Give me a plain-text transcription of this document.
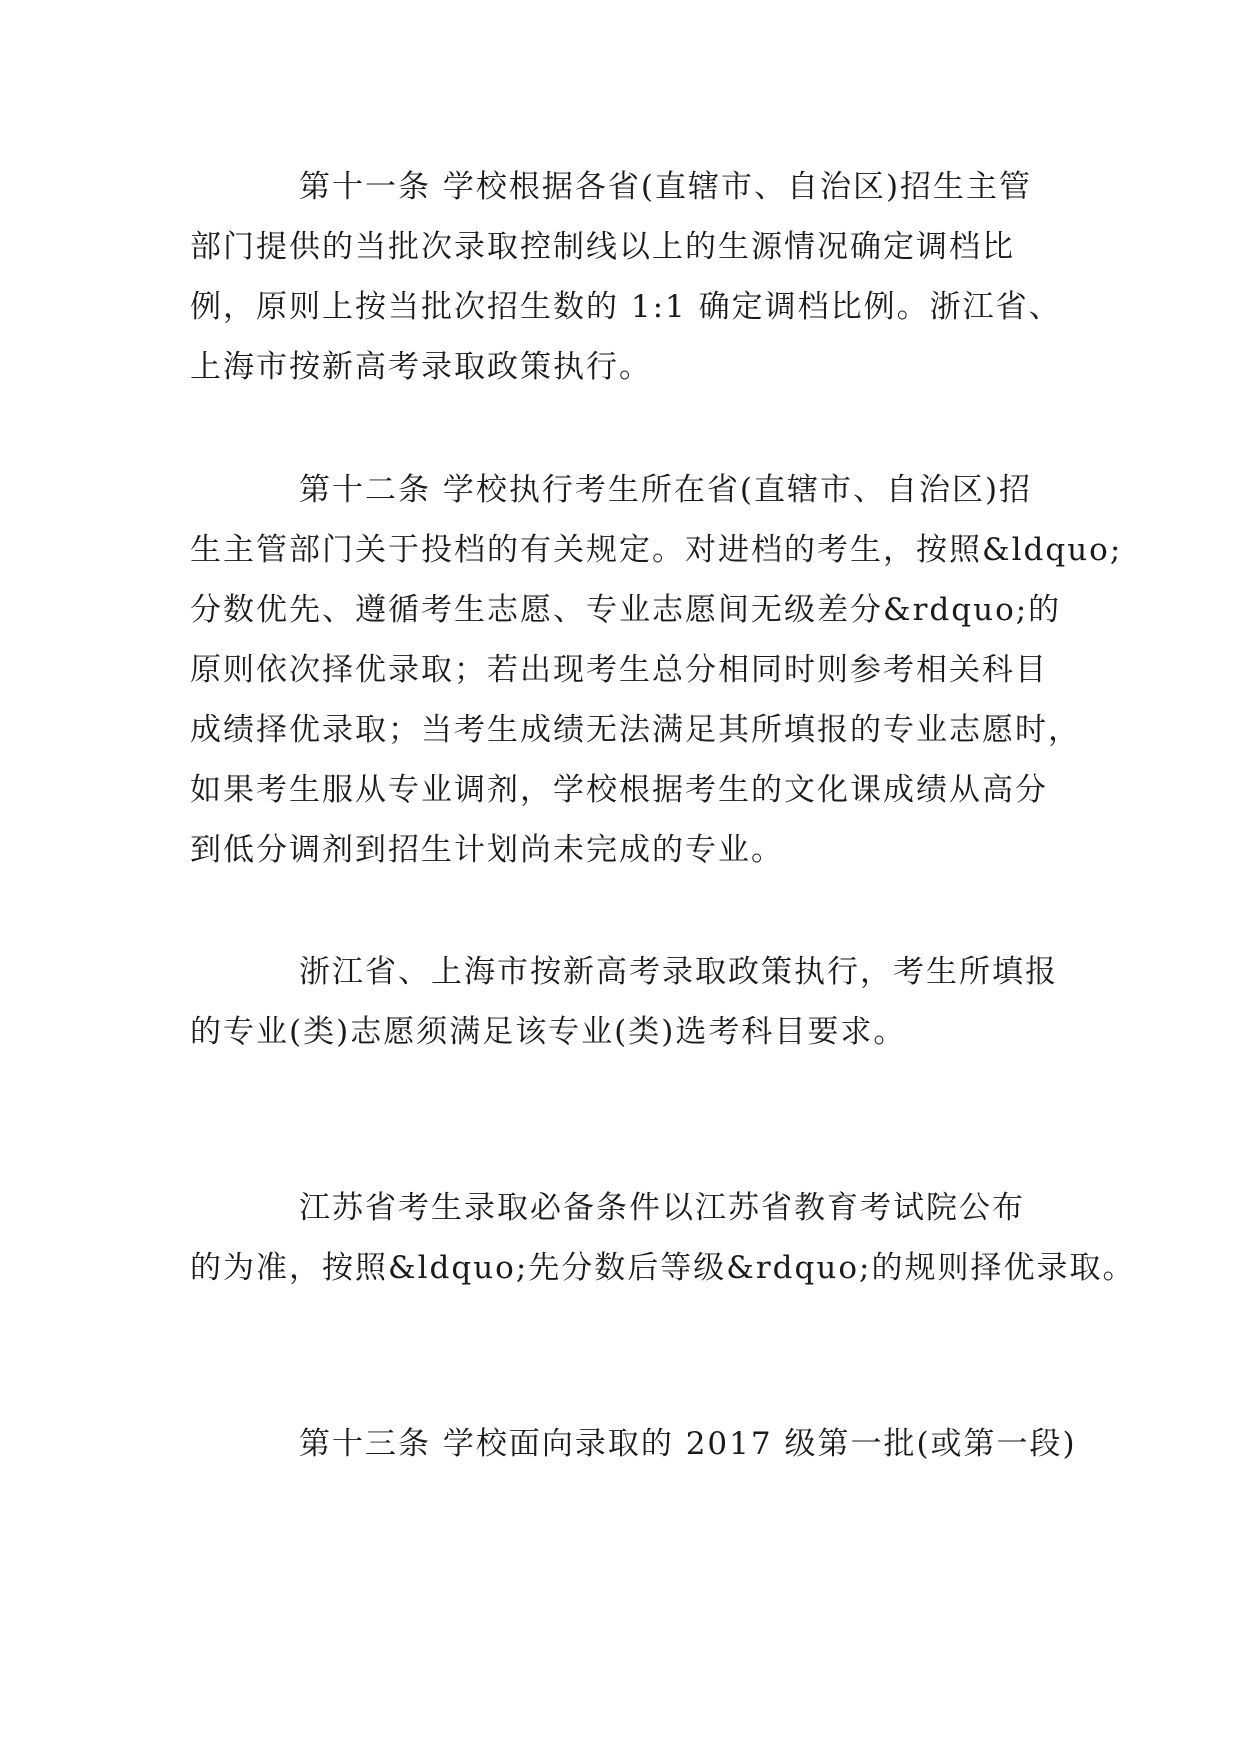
第十一条 学校根据各省(直辖市、自治区)招生主管
部门提供的当批次录取控制线以上的生源情况确定调档比
例，原则上按当批次招生数的 1:1 确定调档比例。浙江省、
上海市按新高考录取政策执行。
第十二条 学校执行考生所在省(直辖市、自治区)招
生主管部门关于投档的有关规定。对进档的考生，按照&ldquo;
分数优先、遵循考生志愿、专业志愿间无级差分&rdquo;的
原则依次择优录取；若出现考生总分相同时则参考相关科目
成绩择优录取；当考生成绩无法满足其所填报的专业志愿时，
如果考生服从专业调剂，学校根据考生的文化课成绩从高分
到低分调剂到招生计划尚未完成的专业。
浙江省、上海市按新高考录取政策执行，考生所填报
的专业(类)志愿须满足该专业(类)选考科目要求。
江苏省考生录取必备条件以江苏省教育考试院公布
的为准，按照&ldquo;先分数后等级&rdquo;的规则择优录取。
第十三条 学校面向录取的 2017 级第一批(或第一段)
